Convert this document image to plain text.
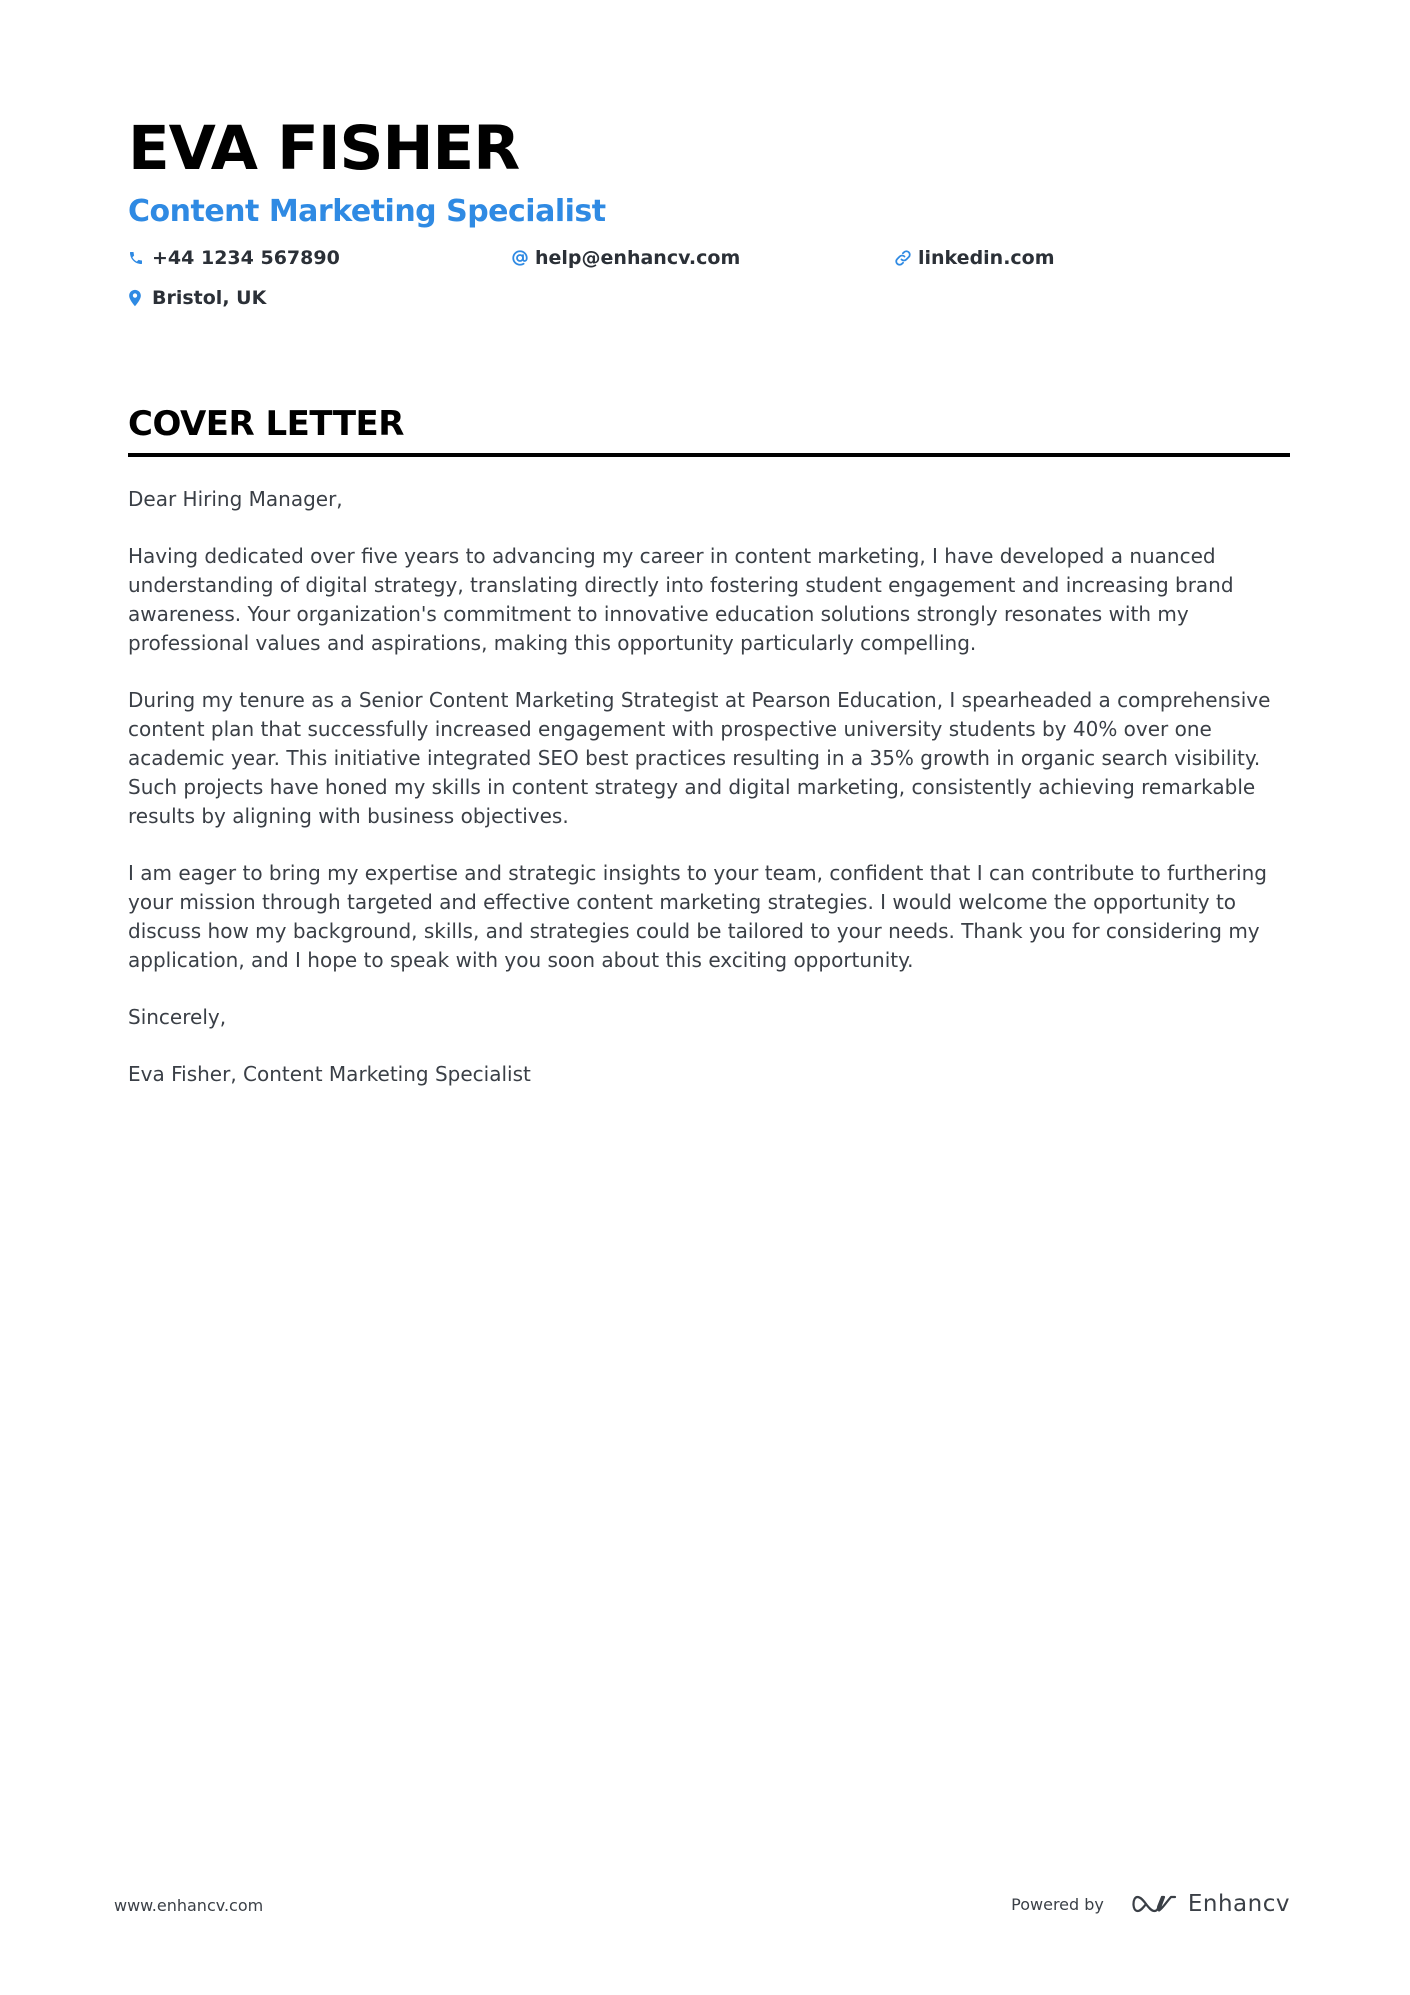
EVA FISHER
Content Marketing Specialist
+44 1234 567890	help@enhancv.com	linkedin.com
Bristol, UK
COVER LETTER

Dear Hiring Manager,

Having dedicated over five years to advancing my career in content marketing, I have developed a nuanced understanding of digital strategy, translating directly into fostering student engagement and increasing brand awareness. Your organization's commitment to innovative education solutions strongly resonates with my professional values and aspirations, making this opportunity particularly compelling.

During my tenure as a Senior Content Marketing Strategist at Pearson Education, I spearheaded a comprehensive content plan that successfully increased engagement with prospective university students by 40% over one academic year. This initiative integrated SEO best practices resulting in a 35% growth in organic search visibility. Such projects have honed my skills in content strategy and digital marketing, consistently achieving remarkable results by aligning with business objectives.

I am eager to bring my expertise and strategic insights to your team, confident that I can contribute to furthering your mission through targeted and effective content marketing strategies. I would welcome the opportunity to discuss how my background, skills, and strategies could be tailored to your needs. Thank you for considering my application, and I hope to speak with you soon about this exciting opportunity.

Sincerely,

Eva Fisher, Content Marketing Specialist

www.enhancv.com	Powered by	Enhancv
